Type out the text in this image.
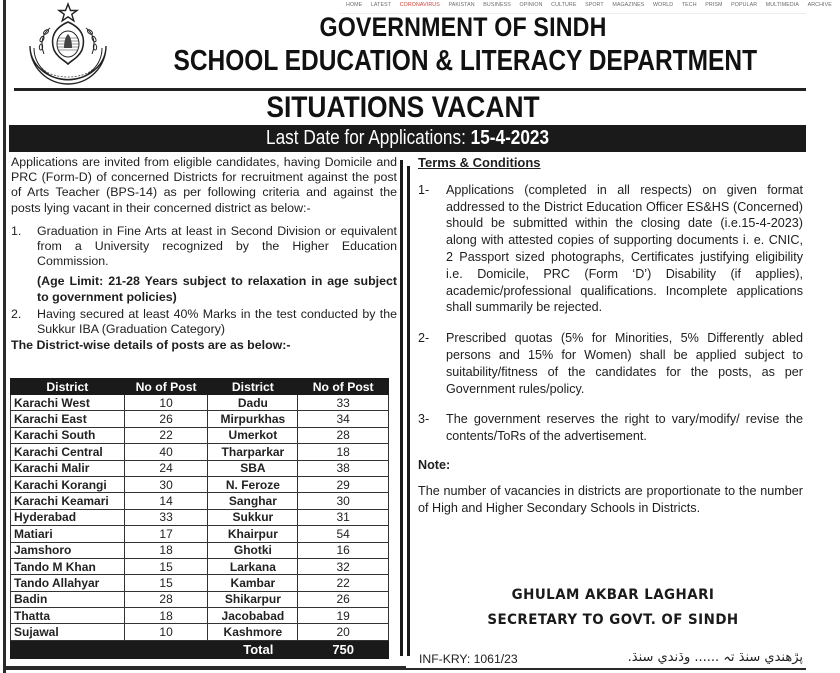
HOME LATEST CORONAVIRUS PAKISTAN BUSINESS OPINION CULTURE SPORT MAGAZINES WORLD TECH PRISM POPULAR MULTIMEDIA ARCHIVE
GOVERNMENT OF SINDH
SCHOOL EDUCATION & LITERACY DEPARTMENT
SITUATIONS VACANT
Last Date for Applications: 15-4-2023

Applications are invited from eligible candidates, having Domicile and PRC (Form-D) of concerned Districts for recruitment against the post of Arts Teacher (BPS-14) as per following criteria and against the posts lying vacant in their concerned district as below:-

1.	Graduation in Fine Arts at least in Second Division or equivalent from a University recognized by the Higher Education Commission.

(Age Limit: 21-28 Years subject to relaxation in age subject to government policies)

2.	Having secured at least 40% Marks in the test conducted by the Sukkur IBA (Graduation Category)

The District-wise details of posts are as below:-

District	No of Post	District	No of Post
Karachi West	10	Dadu	33
Karachi East	26	Mirpurkhas	34
Karachi South	22	Umerkot	28
Karachi Central	40	Tharparkar	18
Karachi Malir	24	SBA	38
Karachi Korangi	30	N. Feroze	29
Karachi Keamari	14	Sanghar	30
Hyderabad	33	Sukkur	31
Matiari	17	Khairpur	54
Jamshoro	18	Ghotki	16
Tando M Khan	15	Larkana	32
Tando Allahyar	15	Kambar	22
Badin	28	Shikarpur	26
Thatta	18	Jacobabad	19
Sujawal	10	Kashmore	20
Total			750

Terms & Conditions

1-	Applications (completed in all respects) on given format addressed to the District Education Officer ES&HS (Concerned) should be submitted within the closing date (i.e.15-4-2023) along with attested copies of supporting documents i. e. CNIC, 2 Passport sized photographs, Certificates justifying eligibility i.e. Domicile, PRC (Form ‘D’) Disability (if applies), academic/professional qualifications. Incomplete applications shall summarily be rejected.

2-	Prescribed quotas (5% for Minorities, 5% Differently abled persons and 15% for Women) shall be applied subject to suitability/fitness of the candidates for the posts, as per Government rules/policy.

3-	The government reserves the right to vary/modify/ revise the contents/ToRs of the advertisement.

Note:

The number of vacancies in districts are proportionate to the number of High and Higher Secondary Schools in Districts.

GHULAM AKBAR LAGHARI
SECRETARY TO GOVT. OF SINDH
INF-KRY: 1061/23	پڙهندي سنڌ تہ ...... وڌندي سنڌ.
